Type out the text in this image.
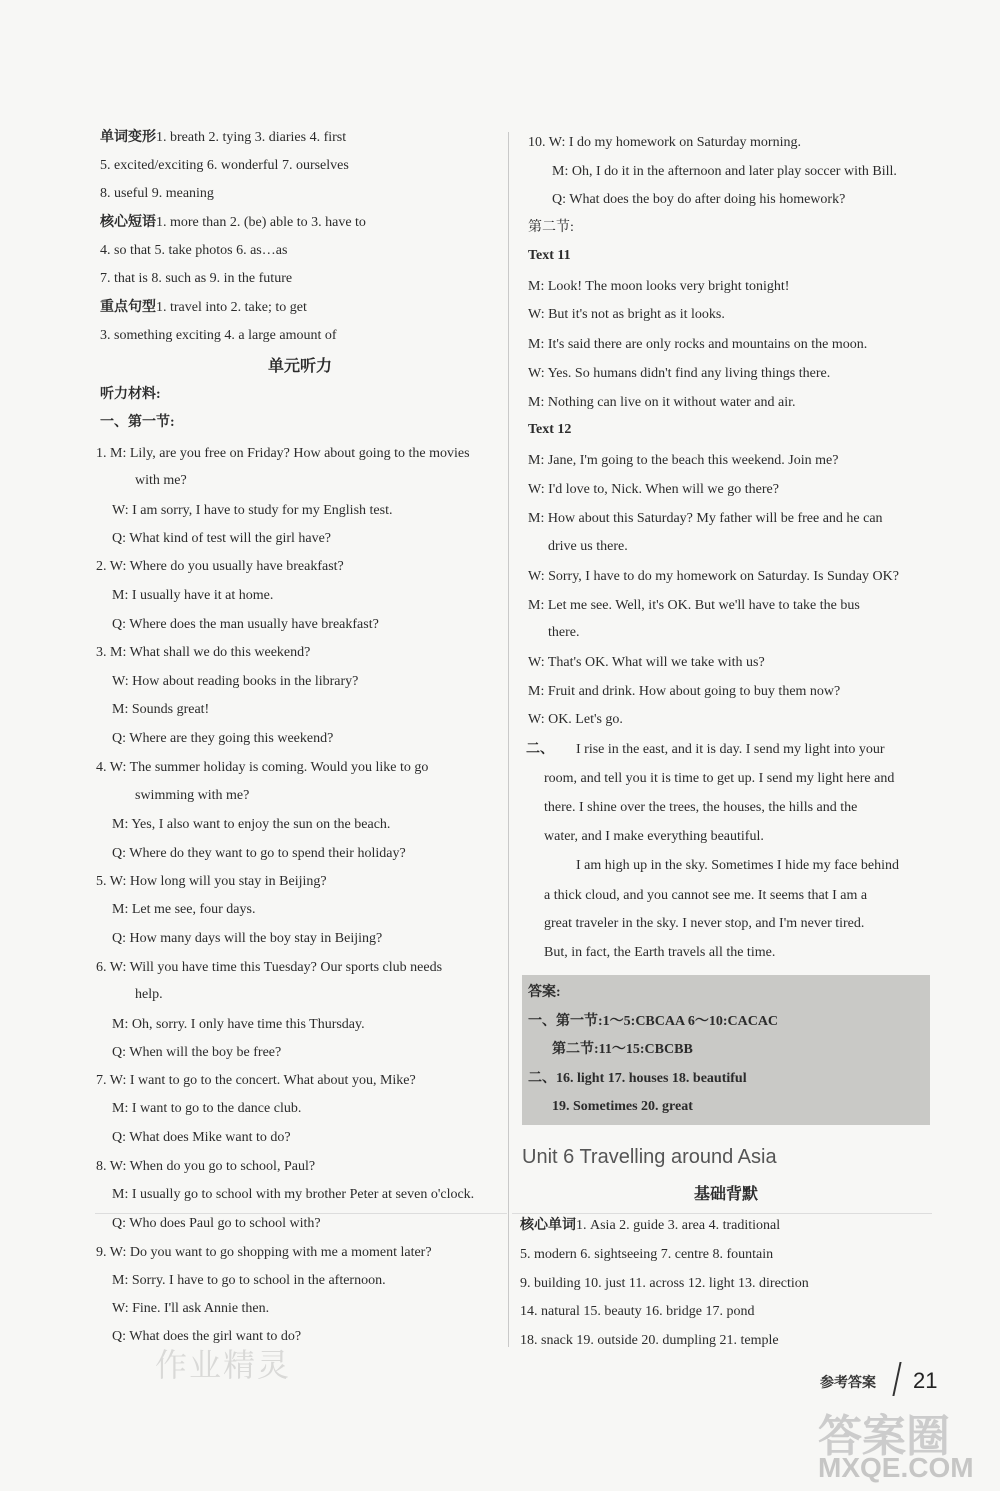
单词变形1. breath 2. tying 3. diaries 4. first
5. excited/exciting 6. wonderful 7. ourselves
8. useful 9. meaning
核心短语1. more than 2. (be) able to 3. have to
4. so that 5. take photos 6. as…as
7. that is 8. such as 9. in the future
重点句型1. travel into 2. take; to get
3. something exciting 4. a large amount of
单元听力
听力材料:
一、第一节:
1. M: Lily, are you free on Friday? How about going to the movies
with me?
W: I am sorry, I have to study for my English test.
Q: What kind of test will the girl have?
2. W: Where do you usually have breakfast?
M: I usually have it at home.
Q: Where does the man usually have breakfast?
3. M: What shall we do this weekend?
W: How about reading books in the library?
M: Sounds great!
Q: Where are they going this weekend?
4. W: The summer holiday is coming. Would you like to go
swimming with me?
M: Yes, I also want to enjoy the sun on the beach.
Q: Where do they want to go to spend their holiday?
5. W: How long will you stay in Beijing?
M: Let me see, four days.
Q: How many days will the boy stay in Beijing?
6. W: Will you have time this Tuesday? Our sports club needs
help.
M: Oh, sorry. I only have time this Thursday.
Q: When will the boy be free?
7. W: I want to go to the concert. What about you, Mike?
M: I want to go to the dance club.
Q: What does Mike want to do?
8. W: When do you go to school, Paul?
M: I usually go to school with my brother Peter at seven o'clock.
Q: Who does Paul go to school with?
9. W: Do you want to go shopping with me a moment later?
M: Sorry. I have to go to school in the afternoon.
W: Fine. I'll ask Annie then.
Q: What does the girl want to do?
10. W: I do my homework on Saturday morning.
M: Oh, I do it in the afternoon and later play soccer with Bill.
Q: What does the boy do after doing his homework?
第二节:
Text 11
M: Look! The moon looks very bright tonight!
W: But it's not as bright as it looks.
M: It's said there are only rocks and mountains on the moon.
W: Yes. So humans didn't find any living things there.
M: Nothing can live on it without water and air.
Text 12
M: Jane, I'm going to the beach this weekend. Join me?
W: I'd love to, Nick. When will we go there?
M: How about this Saturday? My father will be free and he can
drive us there.
W: Sorry, I have to do my homework on Saturday. Is Sunday OK?
M: Let me see. Well, it's OK. But we'll have to take the bus
there.
W: That's OK. What will we take with us?
M: Fruit and drink. How about going to buy them now?
W: OK. Let's go.
二、 I rise in the east, and it is day. I send my light into your
room, and tell you it is time to get up. I send my light here and
there. I shine over the trees, the houses, the hills and the
water, and I make everything beautiful.
I am high up in the sky. Sometimes I hide my face behind
a thick cloud, and you cannot see me. It seems that I am a
great traveler in the sky. I never stop, and I'm never tired.
But, in fact, the Earth travels all the time.
答案:
一、第一节:1～5:CBCAA 6～10:CACAC
第二节:11～15:CBCBB
二、16. light 17. houses 18. beautiful
19. Sometimes 20. great
Unit 6 Travelling around Asia
基础背默
核心单词1. Asia 2. guide 3. area 4. traditional
5. modern 6. sightseeing 7. centre 8. fountain
9. building 10. just 11. across 12. light 13. direction
14. natural 15. beauty 16. bridge 17. pond
18. snack 19. outside 20. dumpling 21. temple
参考答案 21
作业精灵
答案圈
MXQE.COM
